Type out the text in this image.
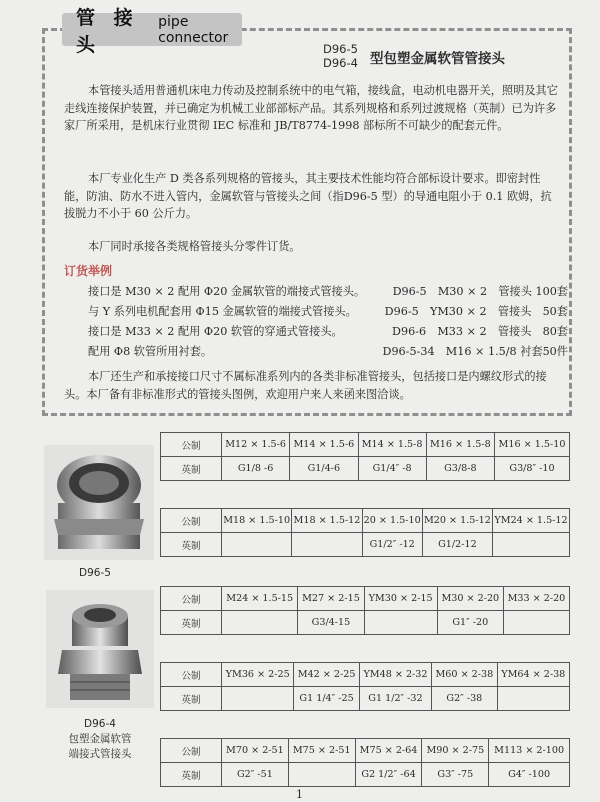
管 接 头
pipe connector
D96-5
D96-4 型包塑金属软管管接头
本管接头适用普通机床电力传动及控制系统中的电气箱，接线盒，电动机电器开关，照明及其它走线连接保护装置，并已确定为机械工业部部标产品。其系列规格和系列过渡规格（英制）已为许多家厂所采用，是机床行业贯彻 IEC 标准和 JB/T8774-1998 部标所不可缺少的配套元件。
本厂专业化生产 D 类各系列规格的管接头，其主要技术性能均符合部标设计要求。即密封性能，防油、防水不进入管内，金属软管与管接头之间（指D96-5 型）的导通电阻小于 0.1 欧姆，抗拔脱力不小于 60 公斤力。
本厂同时承接各类规格管接头分零件订货。
订货举例
接口是 M30 × 2 配用 Φ20 金属软管的端接式管接头。 D96-5　M30 × 2　管接头 100套
与 Y 系列电机配套用 Φ15 金属软管的端接式管接头。 D96-5　YM30 × 2　管接头　50套
接口是 M33 × 2 配用 Φ20 软管的穿通式管接头。	D96-6　M33 × 2　管接头　80套
配用 Φ8 软管所用衬套。	D96-5-34　M16 × 1.5/8 衬套50件
本厂还生产和承接接口尺寸不属标准系列内的各类非标准管接头，包括接口是内螺纹形式的接头。本厂备有非标准形式的管接头图例，欢迎用户来人来函来图洽谈。
D96-5
D96-4
包塑金属软管
端接式管接头
公制	M12 × 1.5-6	M14 × 1.5-6	M14 × 1.5-8	M16 × 1.5-8	M16 × 1.5-10
英制	G1/8 -6	G1/4-6	G1/4″ -8	G3/8-8	G3/8″ -10
公制	M18 × 1.5-10	M18 × 1.5-12	20 × 1.5-10	M20 × 1.5-12	YM24 × 1.5-12
英制			G1/2″ -12	G1/2-12	
公制	M24 × 1.5-15	M27 × 2-15	YM30 × 2-15	M30 × 2-20	M33 × 2-20
英制		G3/4-15		G1″ -20	
公制	YM36 × 2-25	M42 × 2-25	YM48 × 2-32	M60 × 2-38	YM64 × 2-38
英制		G1 1/4″ -25	G1 1/2″ -32	G2″ -38	
公制	M70 × 2-51	M75 × 2-51	M75 × 2-64	M90 × 2-75	M113 × 2-100
英制	G2″ -51		G2 1/2″ -64	G3″ -75	G4″ -100
1
